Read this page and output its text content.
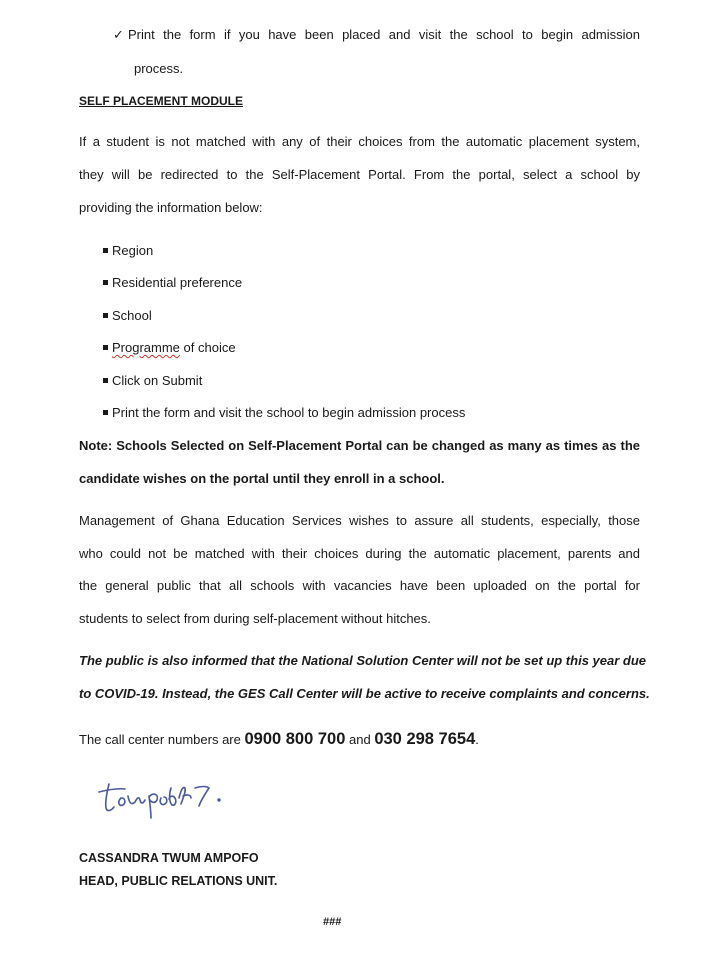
✓ Print the form if you have been placed and visit the school to begin admission
process.
SELF PLACEMENT MODULE
If a student is not matched with any of their choices from the automatic placement system,
they will be redirected to the Self-Placement Portal. From the portal, select a school by
providing the information below:
Region
Residential preference
School
Programme of choice
Click on Submit
Print the form and visit the school to begin admission process
Note: Schools Selected on Self-Placement Portal can be changed as many as times as the
candidate wishes on the portal until they enroll in a school.
Management of Ghana Education Services wishes to assure all students, especially, those
who could not be matched with their choices during the automatic placement, parents and
the general public that all schools with vacancies have been uploaded on the portal for
students to select from during self-placement without hitches.
The public is also informed that the National Solution Center will not be set up this year due
to COVID-19. Instead, the GES Call Center will be active to receive complaints and concerns.
The call center numbers are 0900 800 700 and 030 298 7654.
CASSANDRA TWUM AMPOFO
HEAD, PUBLIC RELATIONS UNIT.
###
